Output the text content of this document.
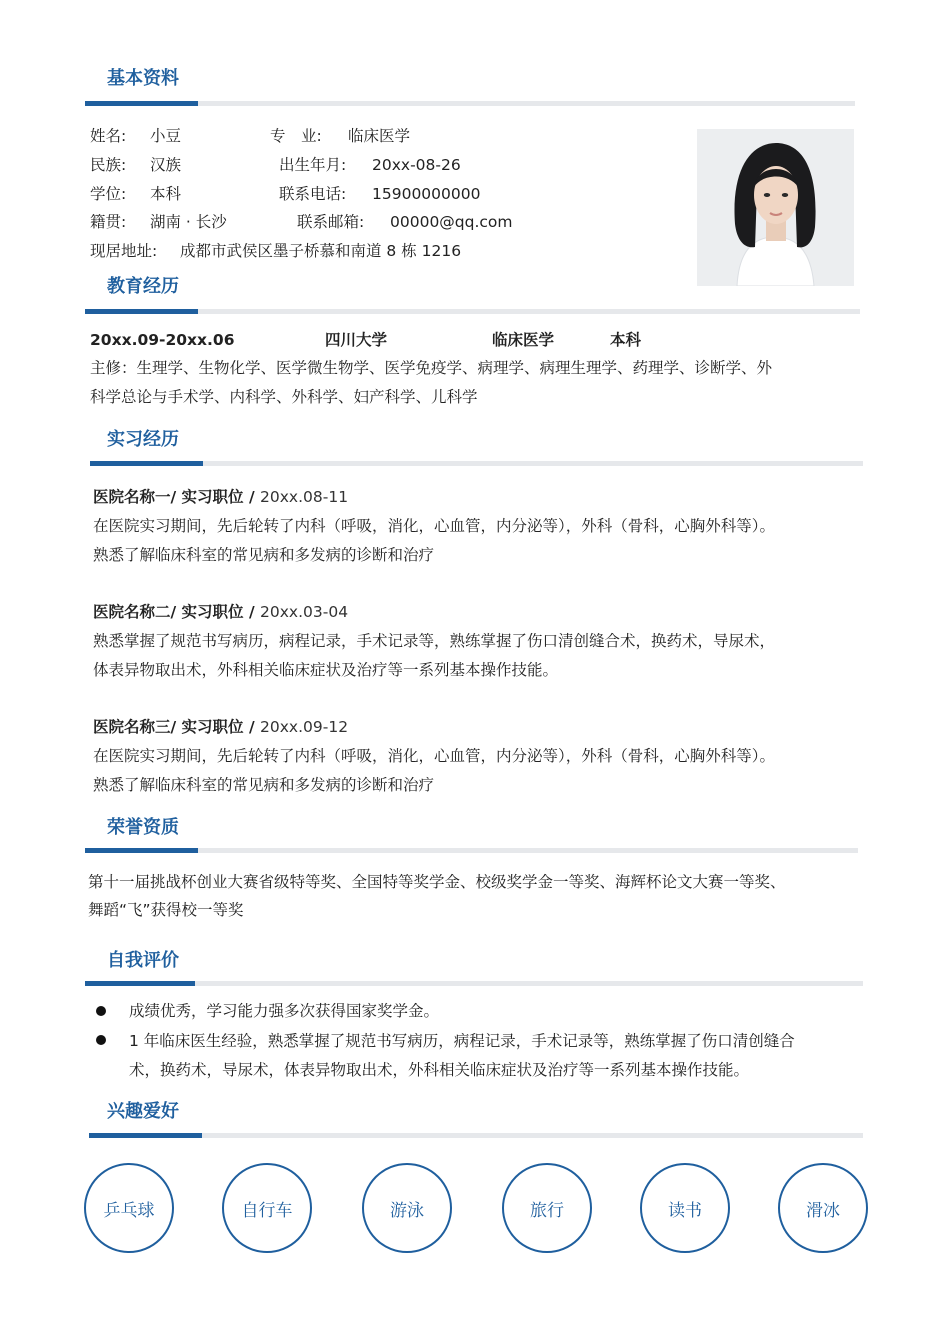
基本资料
姓名: 小豆	专　业: 临床医学
民族: 汉族	出生年月: 20xx-08-26
学位: 本科	联系电话: 15900000000
籍贯: 湖南 · 长沙	联系邮箱: 00000@qq.com
现居地址: 成都市武侯区墨子桥慕和南道 8 栋 1216
教育经历
20xx.09-20xx.06	四川大学	临床医学	本科
主修：生理学、生物化学、医学微生物学、医学免疫学、病理学、病理生理学、药理学、诊断学、外
科学总论与手术学、内科学、外科学、妇产科学、儿科学
实习经历
医院名称一/ 实习职位 / 20xx.08-11
在医院实习期间，先后轮转了内科（呼吸，消化，心血管，内分泌等），外科（骨科，心胸外科等）。
熟悉了解临床科室的常见病和多发病的诊断和治疗
医院名称二/ 实习职位 / 20xx.03-04
熟悉掌握了规范书写病历，病程记录，手术记录等，熟练掌握了伤口清创缝合术，换药术，导尿术，
体表异物取出术，外科相关临床症状及治疗等一系列基本操作技能。
医院名称三/ 实习职位 / 20xx.09-12
在医院实习期间，先后轮转了内科（呼吸，消化，心血管，内分泌等），外科（骨科，心胸外科等）。
熟悉了解临床科室的常见病和多发病的诊断和治疗
荣誉资质
第十一届挑战杯创业大赛省级特等奖、全国特等奖学金、校级奖学金一等奖、海辉杯论文大赛一等奖、
舞蹈“飞”获得校一等奖
自我评价
成绩优秀，学习能力强多次获得国家奖学金。
1 年临床医生经验，熟悉掌握了规范书写病历，病程记录，手术记录等，熟练掌握了伤口清创缝合
术，换药术，导尿术，体表异物取出术，外科相关临床症状及治疗等一系列基本操作技能。
兴趣爱好
乒乓球	自行车	游泳	旅行	读书	滑冰
